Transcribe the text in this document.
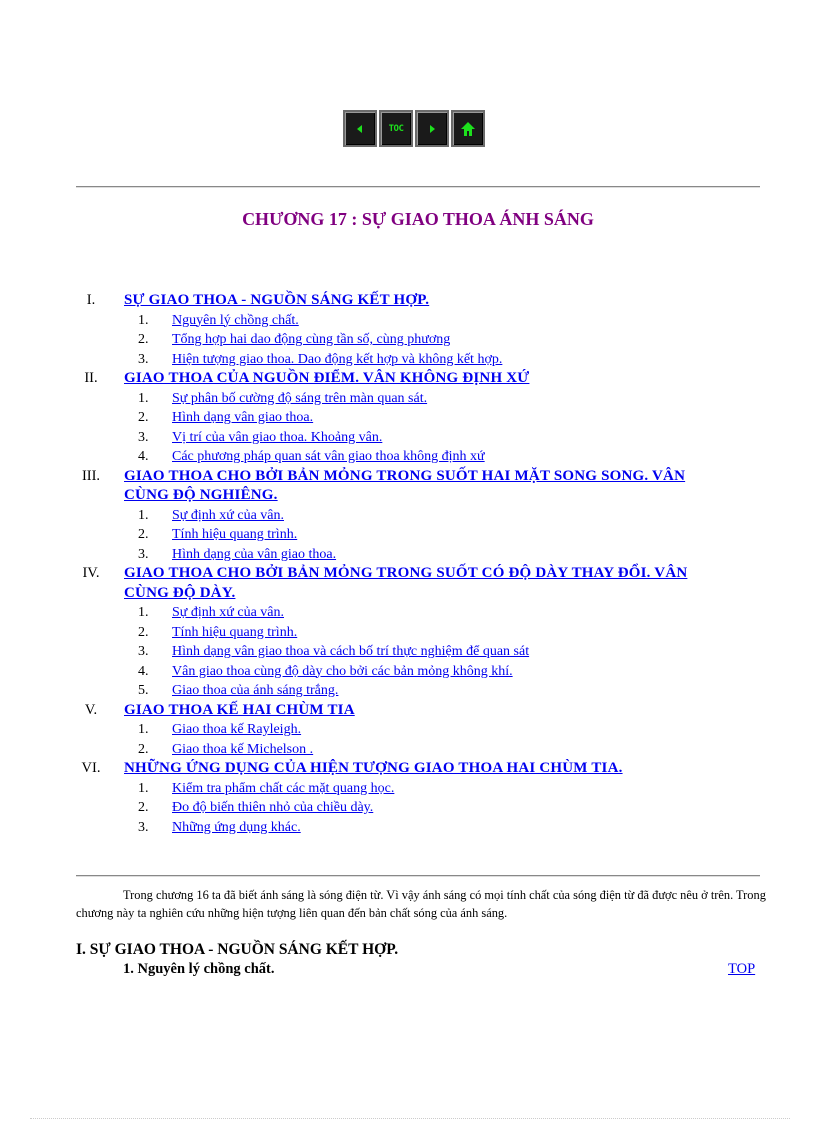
TOC
CHƯƠNG 17 : SỰ GIAO THOA ÁNH SÁNG
I.	SỰ GIAO THOA - NGUỒN SÁNG KẾT HỢP.
1. Nguyên lý chồng chất.
2. Tổng hợp hai dao động cùng tần số, cùng phương
3. Hiện tượng giao thoa. Dao động kết hợp và không kết hợp.
II.	GIAO THOA CỦA NGUỒN ĐIỂM. VÂN KHÔNG ĐỊNH XỨ
1. Sự phân bố cường độ sáng trên màn quan sát.
2. Hình dạng vân giao thoa.
3. Vị trí của vân giao thoa. Khoảng vân.
4. Các phương pháp quan sát vân giao thoa không định xứ
III.	GIAO THOA CHO BỞI BẢN MỎNG TRONG SUỐT HAI MẶT SONG SONG. VÂN CÙNG ĐỘ NGHIÊNG.
1. Sự định xứ của vân.
2. Tính hiệu quang trình.
3. Hình dạng của vân giao thoa.
IV.	GIAO THOA CHO BỞI BẢN MỎNG TRONG SUỐT CÓ ĐỘ DÀY THAY ĐỔI. VÂN CÙNG ĐỘ DÀY.
1. Sự định xứ của vân.
2. Tính hiệu quang trình.
3. Hình dạng vân giao thoa và cách bố trí thực nghiệm để quan sát
4. Vân giao thoa cùng độ dày cho bởi các bản mỏng không khí.
5. Giao thoa của ánh sáng trắng.
V.	GIAO THOA KẾ HAI CHÙM TIA
1. Giao thoa kế Rayleigh.
2. Giao thoa kế Michelson .
VI.	NHỮNG ỨNG DỤNG CỦA HIỆN TƯỢNG GIAO THOA HAI CHÙM TIA.
1. Kiểm tra phẩm chất các mặt quang học.
2. Đo độ biến thiên nhỏ của chiều dày.
3. Những ứng dụng khác.
Trong chương 16 ta đã biết ánh sáng là sóng điện từ. Vì vậy ánh sáng có mọi tính chất của sóng điện từ đã được nêu ở trên. Trong chương này ta nghiên cứu những hiện tượng liên quan đến bản chất sóng của ánh sáng.
I. SỰ GIAO THOA - NGUỒN SÁNG KẾT HỢP.
1. Nguyên lý chồng chất.	TOP
